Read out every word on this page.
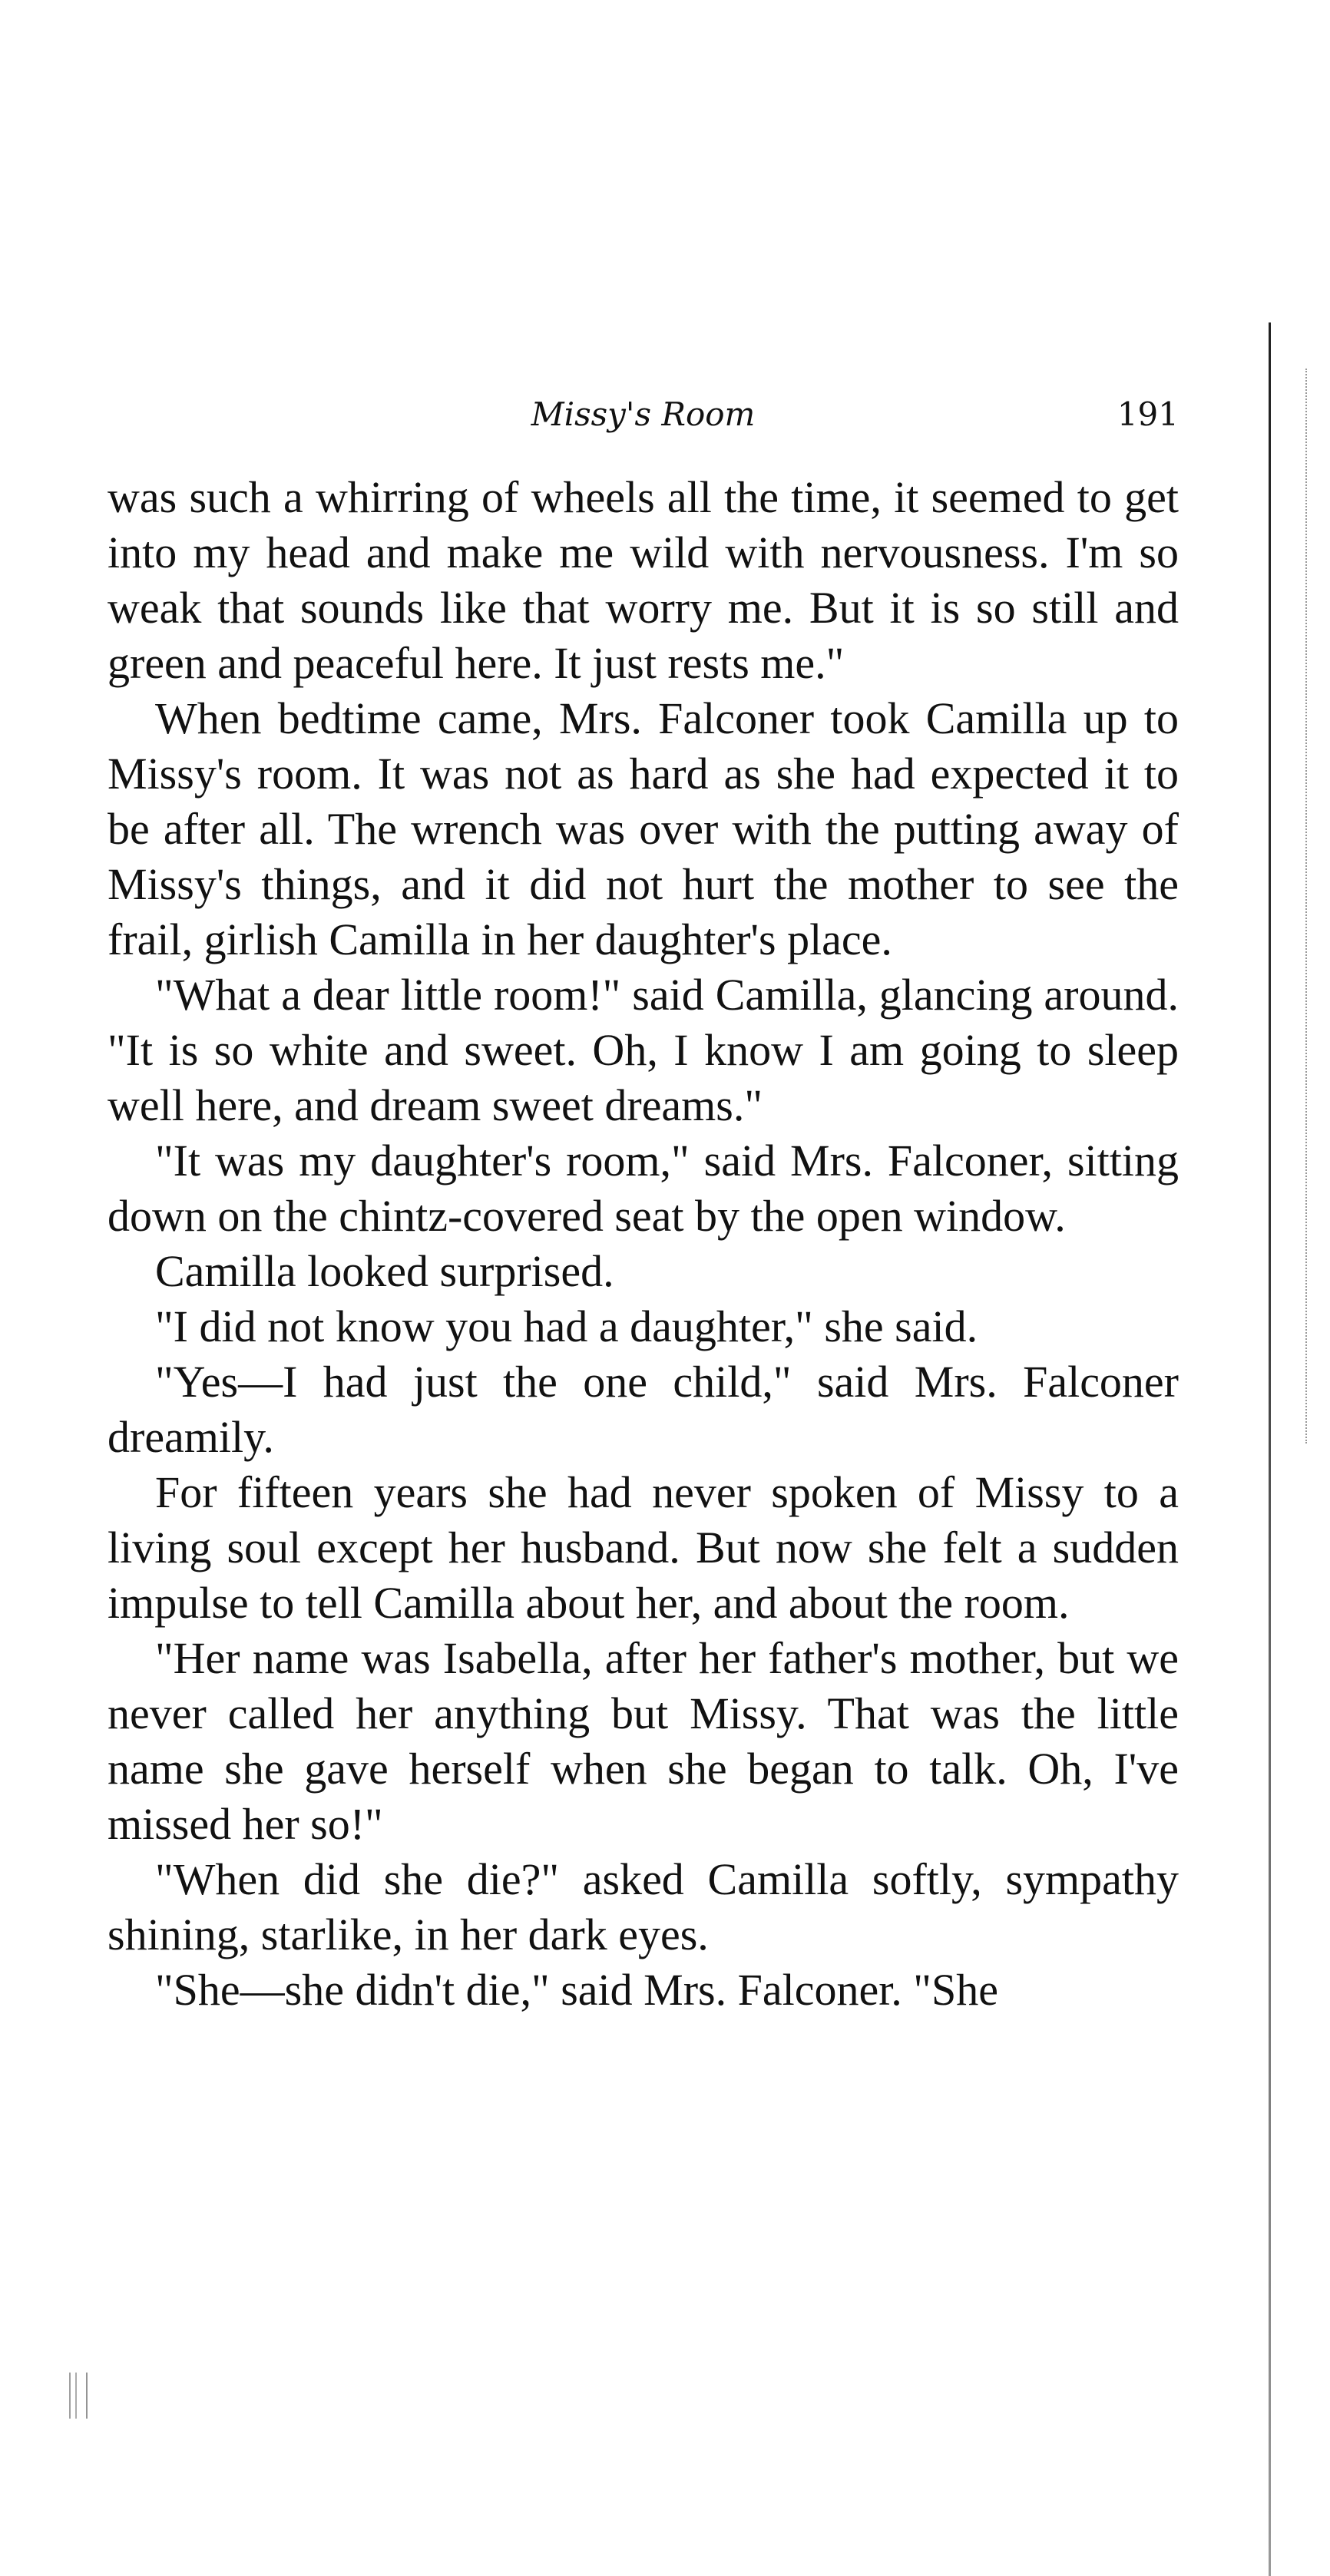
Missy's Room	191

was such a whirring of wheels all the time, it seemed to get into my head and make me wild with nervousness. I'm so weak that sounds like that worry me. But it is so still and green and peaceful here. It just rests me."

When bedtime came, Mrs. Falconer took Camilla up to Missy's room. It was not as hard as she had expected it to be after all. The wrench was over with the putting away of Missy's things, and it did not hurt the mother to see the frail, girlish Camilla in her daughter's place.

"What a dear little room!" said Camilla, glancing around. "It is so white and sweet. Oh, I know I am going to sleep well here, and dream sweet dreams."

"It was my daughter's room," said Mrs. Falconer, sitting down on the chintz-covered seat by the open window.

Camilla looked surprised.

"I did not know you had a daughter," she said.

"Yes—I had just the one child," said Mrs. Falconer dreamily.

For fifteen years she had never spoken of Missy to a living soul except her husband. But now she felt a sudden impulse to tell Camilla about her, and about the room.

"Her name was Isabella, after her father's mother, but we never called her anything but Missy. That was the little name she gave herself when she began to talk. Oh, I've missed her so!"

"When did she die?" asked Camilla softly, sympathy shining, starlike, in her dark eyes.

"She—she didn't die," said Mrs. Falconer. "She
